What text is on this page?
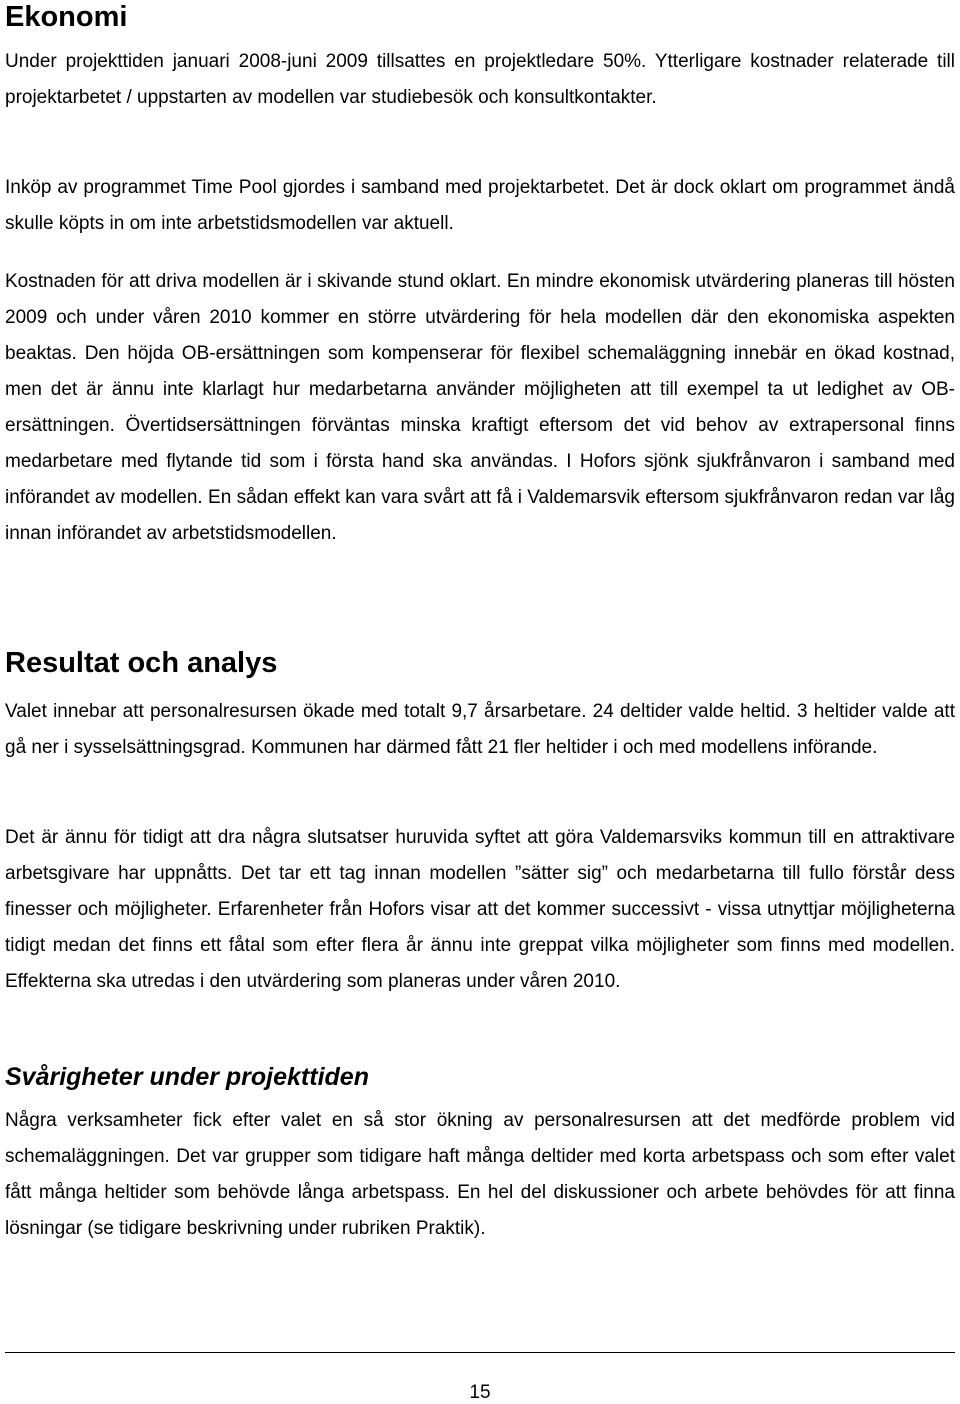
Ekonomi

Under projekttiden januari 2008-juni 2009 tillsattes en projektledare 50%. Ytterligare kostnader relaterade till projektarbetet / uppstarten av modellen var studiebesök och konsultkontakter.

Inköp av programmet Time Pool gjordes i samband med projektarbetet. Det är dock oklart om programmet ändå skulle köpts in om inte arbetstidsmodellen var aktuell.

Kostnaden för att driva modellen är i skivande stund oklart. En mindre ekonomisk utvärdering planeras till hösten 2009 och under våren 2010 kommer en större utvärdering för hela modellen där den ekonomiska aspekten beaktas. Den höjda OB-ersättningen som kompenserar för flexibel schemaläggning innebär en ökad kostnad, men det är ännu inte klarlagt hur medarbetarna använder möjligheten att till exempel ta ut ledighet av OB-ersättningen. Övertidsersättningen förväntas minska kraftigt eftersom det vid behov av extrapersonal finns medarbetare med flytande tid som i första hand ska användas. I Hofors sjönk sjukfrånvaron i samband med införandet av modellen. En sådan effekt kan vara svårt att få i Valdemarsvik eftersom sjukfrånvaron redan var låg innan införandet av arbetstidsmodellen.

Resultat och analys

Valet innebar att personalresursen ökade med totalt 9,7 årsarbetare. 24 deltider valde heltid. 3 heltider valde att gå ner i sysselsättningsgrad. Kommunen har därmed fått 21 fler heltider i och med modellens införande.

Det är ännu för tidigt att dra några slutsatser huruvida syftet att göra Valdemarsviks kommun till en attraktivare arbetsgivare har uppnåtts. Det tar ett tag innan modellen ”sätter sig” och medarbetarna till fullo förstår dess finesser och möjligheter. Erfarenheter från Hofors visar att det kommer successivt - vissa utnyttjar möjligheterna tidigt medan det finns ett fåtal som efter flera år ännu inte greppat vilka möjligheter som finns med modellen. Effekterna ska utredas i den utvärdering som planeras under våren 2010.

Svårigheter under projekttiden

Några verksamheter fick efter valet en så stor ökning av personalresursen att det medförde problem vid schemaläggningen. Det var grupper som tidigare haft många deltider med korta arbetspass och som efter valet fått många heltider som behövde långa arbetspass. En hel del diskussioner och arbete behövdes för att finna lösningar (se tidigare beskrivning under rubriken Praktik).

15
